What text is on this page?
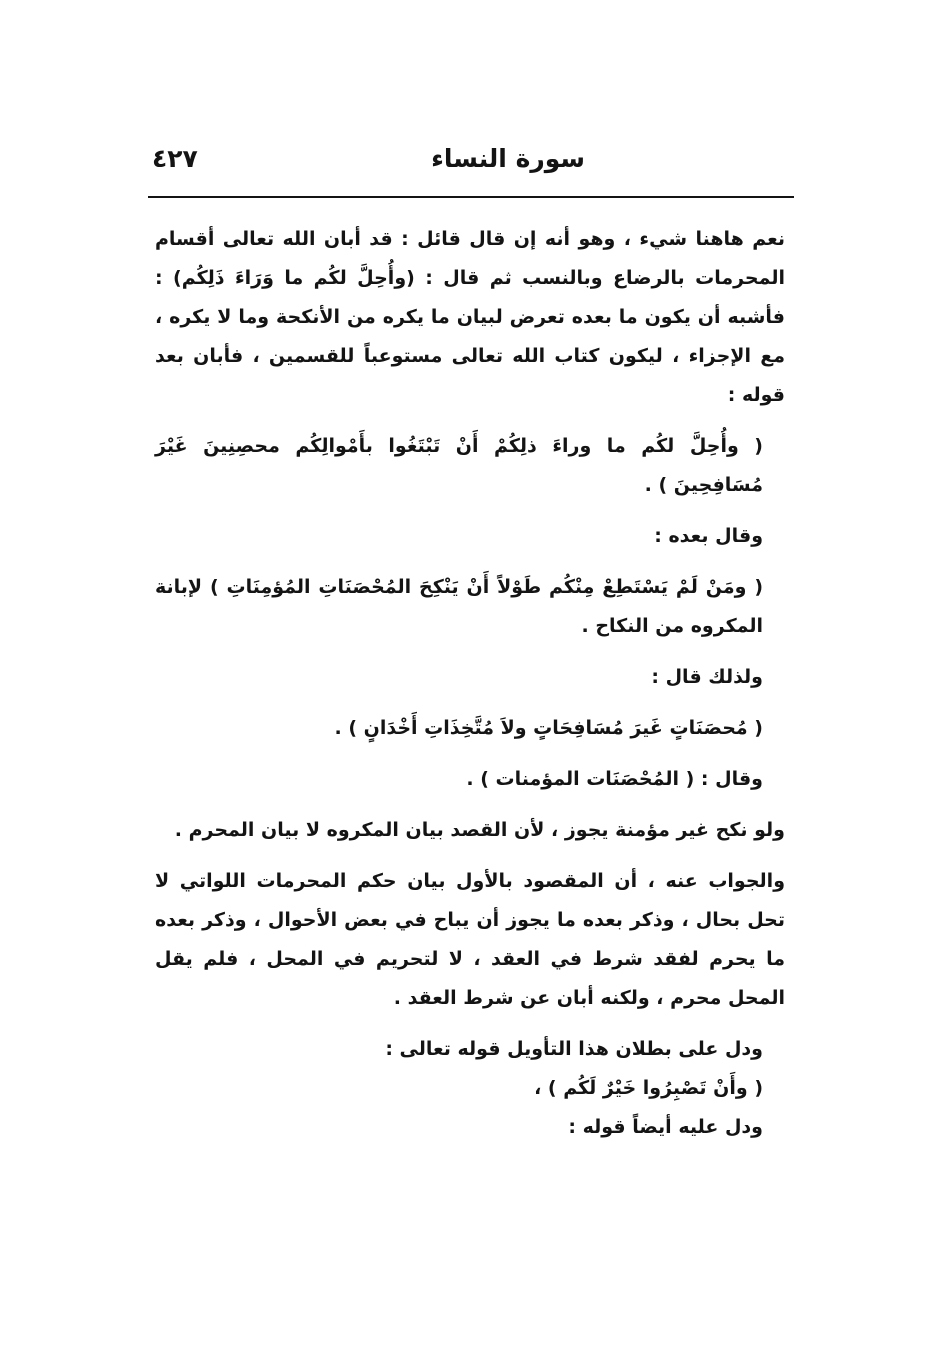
سورة النساء
٤٢٧

نعم هاهنا شيء ، وهو أنه إن قال قائل : قد أبان الله تعالى أقسام المحرمات بالرضاع وبالنسب ثم قال : (وأُحِلَّ لكُم ما وَرَاءَ ذَلِكُم) : فأشبه أن يكون ما بعده تعرض لبيان ما يكره من الأنكحة وما لا يكره ، مع الإجزاء ، ليكون كتاب الله تعالى مستوعباً للقسمين ، فأبان بعد قوله :

( وأُحِلَّ لكُم ما وراءَ ذلِكُمْ أَنْ تَبْتَغُوا بأَمْوالِكُم محصِنِينَ غَيْرَ مُسَافِحِينَ ) .

وقال بعده :

( ومَنْ لَمْ يَسْتَطِعْ مِنْكُم طَوْلاً أَنْ يَنْكِحَ المُحْصَنَاتِ المُؤمِنَاتِ ) لإبانة المكروه من النكاح .

ولذلك قال :

( مُحصَنَاتٍ غَيرَ مُسَافِحَاتٍ ولاَ مُتَّخِذَاتِ أَخْدَانٍ ) .

وقال : ( المُحْصَنَات المؤمنات ) .

ولو نكح غير مؤمنة يجوز ، لأن القصد بيان المكروه لا بيان المحرم .

والجواب عنه ، أن المقصود بالأول بيان حكم المحرمات اللواتي لا تحل بحال ، وذكر بعده ما يجوز أن يباح في بعض الأحوال ، وذكر بعده ما يحرم لفقد شرط في العقد ، لا لتحريم في المحل ، فلم يقل المحل محرم ، ولكنه أبان عن شرط العقد .

ودل على بطلان هذا التأويل قوله تعالى :

( وأَنْ تَصْبِرُوا خَيْرٌ لَكُم ) ،

ودل عليه أيضاً قوله :
